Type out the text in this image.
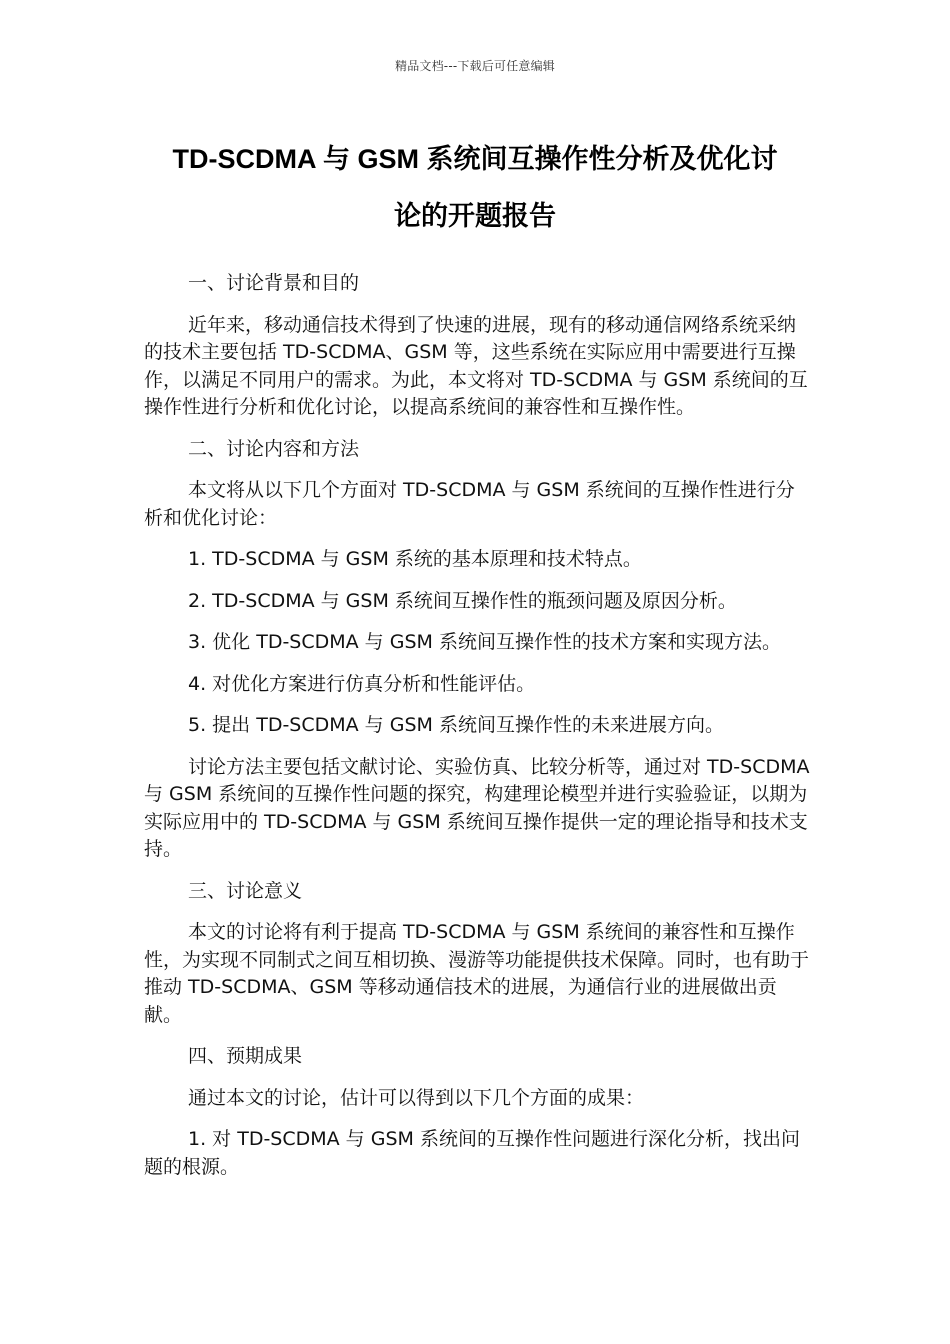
精品文档---下载后可任意编辑
TD-SCDMA 与 GSM 系统间互操作性分析及优化讨
论的开题报告

一、讨论背景和目的

近年来，移动通信技术得到了快速的进展，现有的移动通信网络系统采纳的技术主要包括 TD-SCDMA、GSM 等，这些系统在实际应用中需要进行互操作，以满足不同用户的需求。为此，本文将对 TD-SCDMA 与 GSM 系统间的互操作性进行分析和优化讨论，以提高系统间的兼容性和互操作性。

二、讨论内容和方法

本文将从以下几个方面对 TD-SCDMA 与 GSM 系统间的互操作性进行分析和优化讨论：

1. TD-SCDMA 与 GSM 系统的基本原理和技术特点。

2. TD-SCDMA 与 GSM 系统间互操作性的瓶颈问题及原因分析。

3. 优化 TD-SCDMA 与 GSM 系统间互操作性的技术方案和实现方法。

4. 对优化方案进行仿真分析和性能评估。

5. 提出 TD-SCDMA 与 GSM 系统间互操作性的未来进展方向。

讨论方法主要包括文献讨论、实验仿真、比较分析等，通过对 TD-SCDMA 与 GSM 系统间的互操作性问题的探究，构建理论模型并进行实验验证，以期为实际应用中的 TD-SCDMA 与 GSM 系统间互操作提供一定的理论指导和技术支持。

三、讨论意义

本文的讨论将有利于提高 TD-SCDMA 与 GSM 系统间的兼容性和互操作性，为实现不同制式之间互相切换、漫游等功能提供技术保障。同时，也有助于推动 TD-SCDMA、GSM 等移动通信技术的进展，为通信行业的进展做出贡献。

四、预期成果

通过本文的讨论，估计可以得到以下几个方面的成果：

1. 对 TD-SCDMA 与 GSM 系统间的互操作性问题进行深化分析，找出问题的根源。
